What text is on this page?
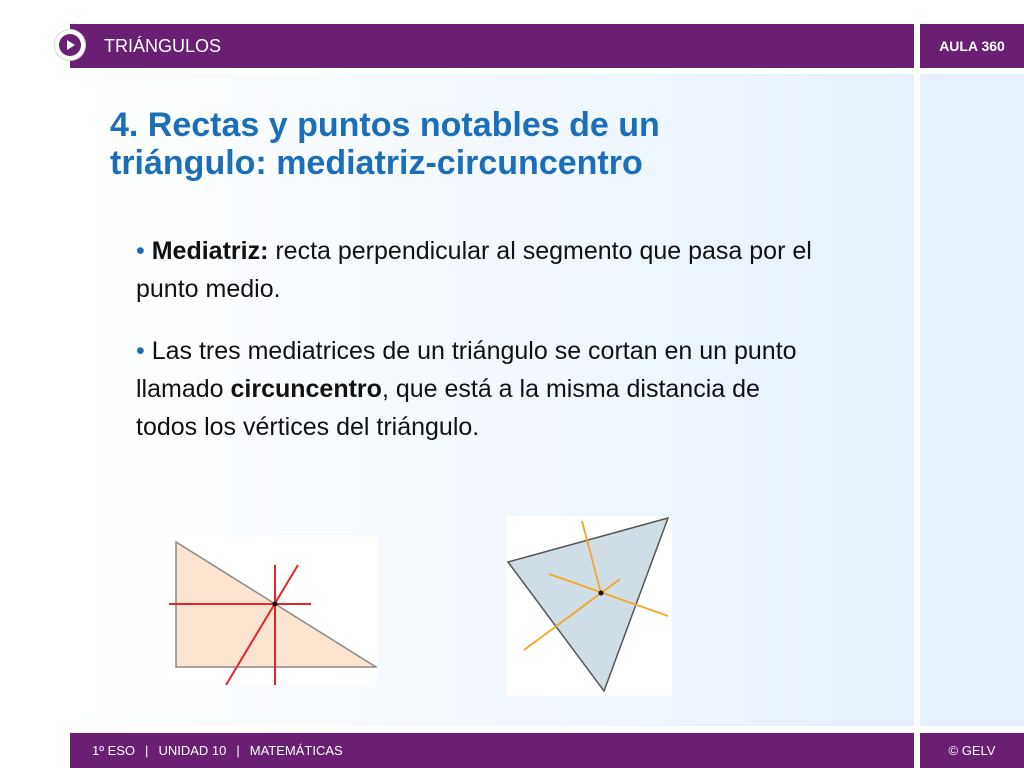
TRIÁNGULOS	AULA 360
4. Rectas y puntos notables de un
triángulo: mediatriz-circuncentro

• Mediatriz: recta perpendicular al segmento que pasa por el punto medio.

• Las tres mediatrices de un triángulo se cortan en un punto llamado circuncentro, que está a la misma distancia de todos los vértices del triángulo.

1º ESO | UNIDAD 10 | MATEMÁTICAS	© GELV
